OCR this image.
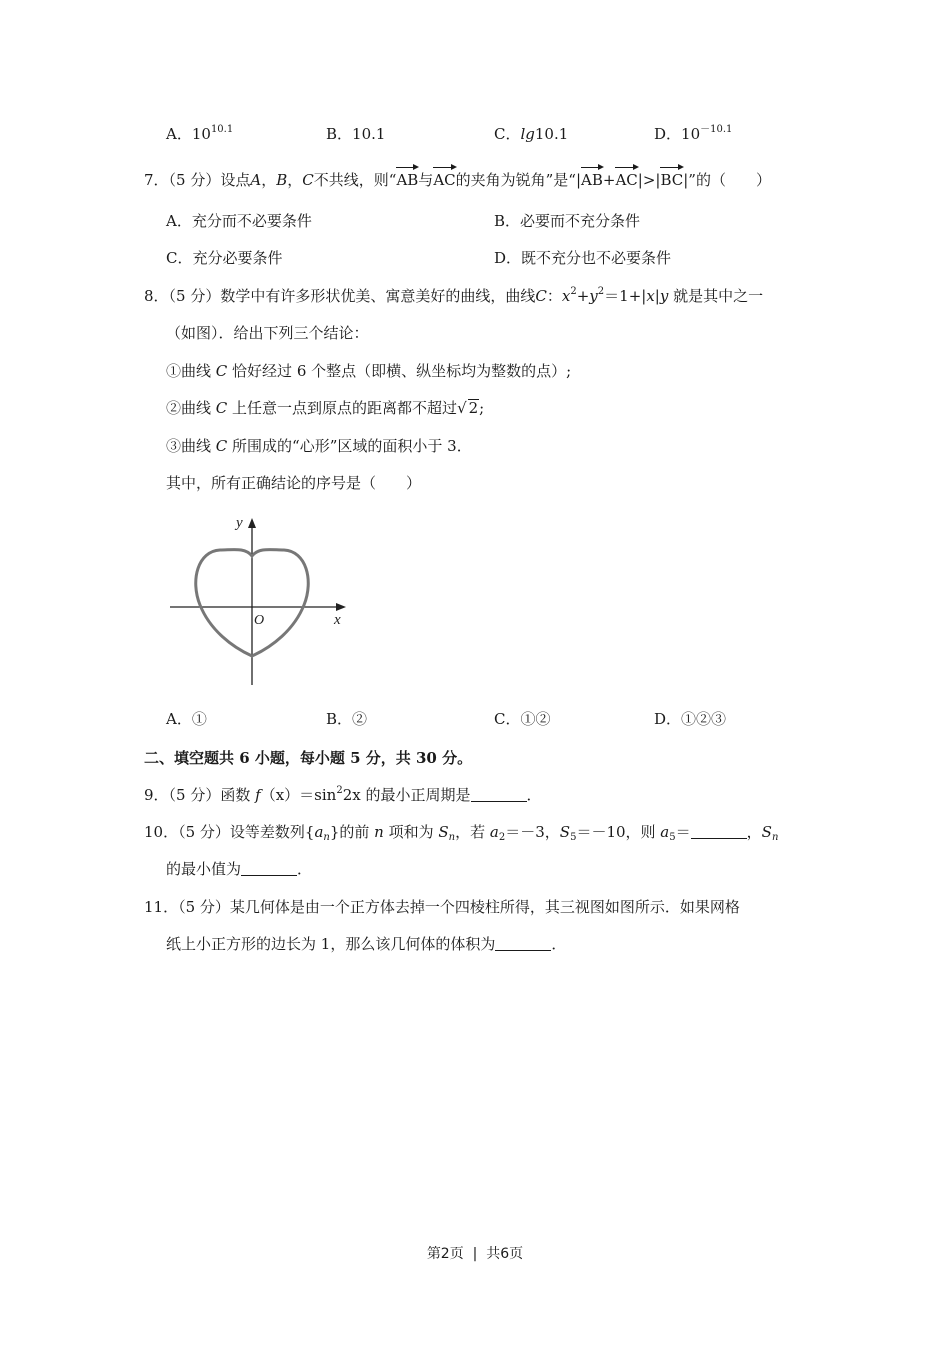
A．$10^{10.1}$	B．10.1	C．lg10.1	D．$10^{-10.1}$
7．（5 分）设点A，B，C不共线，则“AB与AC的夹角为锐角”是“|AB+AC|>|BC|”的（　　）
A．充分而不必要条件	B．必要而不充分条件
C．充分必要条件	D．既不充分也不必要条件
8．（5 分）数学中有许多形状优美、寓意美好的曲线，曲线C：$x^2+y^2=1+|x|y$ 就是其中之一
（如图）．给出下列三个结论：
①曲线 C 恰好经过 6 个整点（即横、纵坐标均为整数的点）;
②曲线 C 上任意一点到原点的距离都不超过√ 2;
③曲线 C 所围成的“心形”区域的面积小于 3．
其中，所有正确结论的序号是（　　）
y
x
O
A．①	B．②	C．①②	D．①②③
二、填空题共 6 小题，每小题 5 分，共 30 分。
9．（5 分）函数 $f(x)=\sin^22x$ 的最小正周期是	．
10．（5 分）设等差数列$\{a_n\}$的前 n 项和为 $S_n$，若 $a_2=-3$，$S_5=-10$，则 $a_5=$	，$S_n$
的最小值为	．
11．（5 分）某几何体是由一个正方体去掉一个四棱柱所得，其三视图如图所示．如果网格
纸上小正方形的边长为 1，那么该几何体的体积为	．
第2页 | 共6页
